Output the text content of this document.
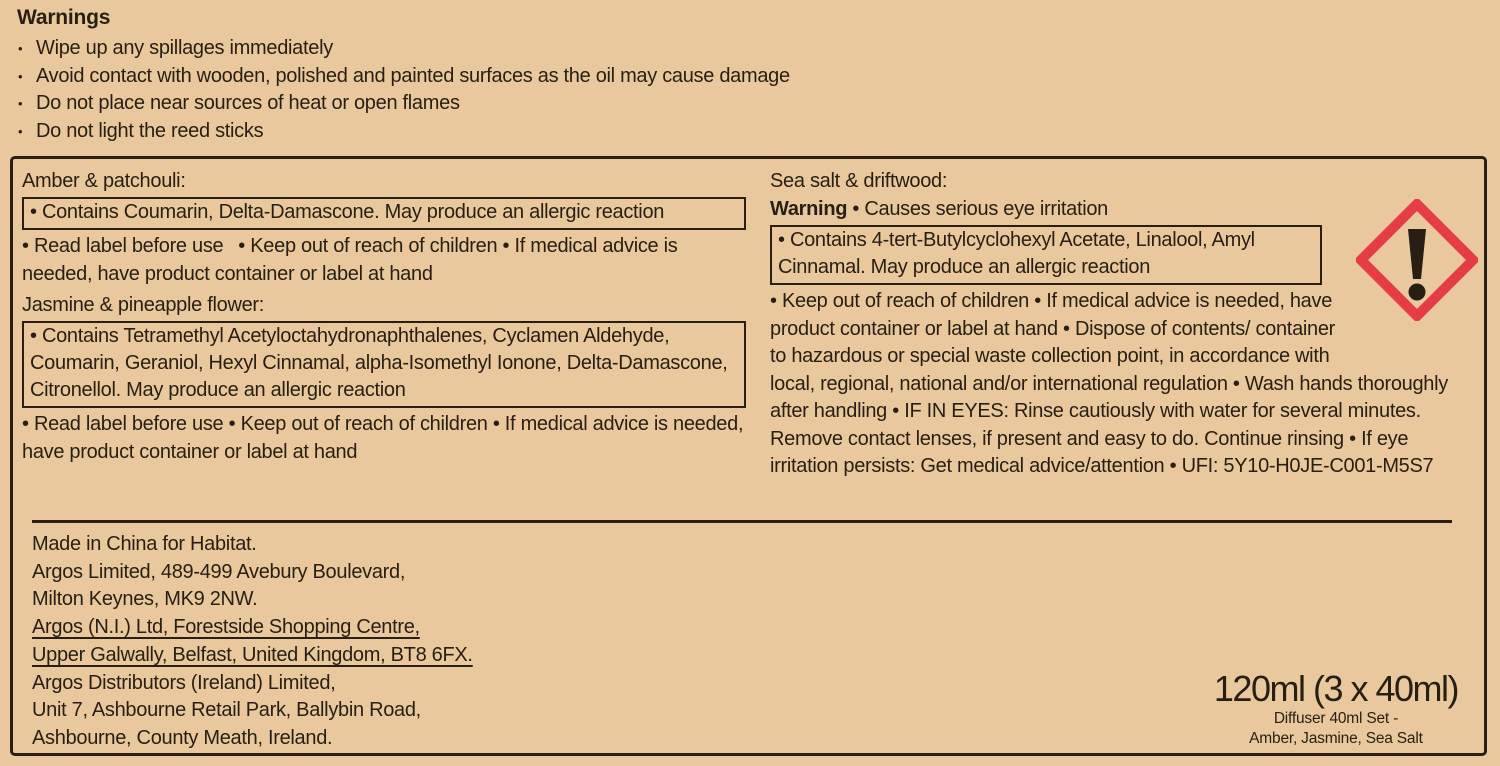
Warnings
• Wipe up any spillages immediately
• Avoid contact with wooden, polished and painted surfaces as the oil may cause damage
• Do not place near sources of heat or open flames
• Do not light the reed sticks
Amber & patchouli:
• Contains Coumarin, Delta-Damascone. May produce an allergic reaction

• Read label before use  • Keep out of reach of children • If medical advice is needed, have product container or label at hand

Jasmine & pineapple flower:
• Contains Tetramethyl Acetyloctahydronaphthalenes, Cyclamen Aldehyde, Coumarin, Geraniol, Hexyl Cinnamal, alpha-Isomethyl Ionone, Delta-Damascone, Citronellol. May produce an allergic reaction

• Read label before use • Keep out of reach of children • If medical advice is needed, have product container or label at hand

Sea salt & driftwood:

Warning • Causes serious eye irritation

• Contains 4-tert-Butylcyclohexyl Acetate, Linalool, Amyl Cinnamal. May produce an allergic reaction

• Keep out of reach of children • If medical advice is needed, have product container or label at hand • Dispose of contents/ container to hazardous or special waste collection point, in accordance with local, regional, national and/or international regulation • Wash hands thoroughly after handling • IF IN EYES: Rinse cautiously with water for several minutes. Remove contact lenses, if present and easy to do. Continue rinsing • If eye irritation persists: Get medical advice/attention • UFI: 5Y10-H0JE-C001-M5S7

Made in China for Habitat.
Argos Limited, 489-499 Avebury Boulevard,
Milton Keynes, MK9 2NW.
Argos (N.I.) Ltd, Forestside Shopping Centre,
Upper Galwally, Belfast, United Kingdom, BT8 6FX.
Argos Distributors (Ireland) Limited,
Unit 7, Ashbourne Retail Park, Ballybin Road,
Ashbourne, County Meath, Ireland.
120ml (3 x 40ml)
Diffuser 40ml Set -
Amber, Jasmine, Sea Salt
